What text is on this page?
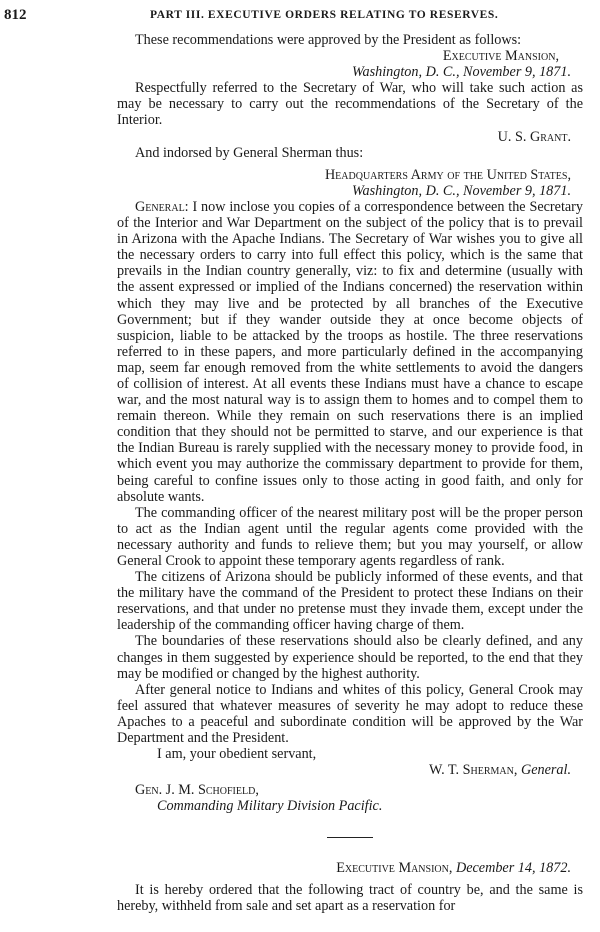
812	PART III. EXECUTIVE ORDERS RELATING TO RESERVES.

These recommendations were approved by the President as follows:

Executive Mansion,

Washington, D. C., November 9, 1871.

Respectfully referred to the Secretary of War, who will take such action as may be necessary to carry out the recommendations of the Secretary of the Interior.

U. S. Grant.

And indorsed by General Sherman thus:

Headquarters Army of the United States,

Washington, D. C., November 9, 1871.

General: I now inclose you copies of a correspondence between the Secretary of the Interior and War Department on the subject of the policy that is to prevail in Arizona with the Apache Indians. The Secretary of War wishes you to give all the necessary orders to carry into full effect this policy, which is the same that prevails in the Indian country generally, viz: to fix and determine (usually with the assent expressed or implied of the Indians concerned) the reservation within which they may live and be protected by all branches of the Executive Government; but if they wander outside they at once become objects of suspicion, liable to be attacked by the troops as hostile. The three reservations referred to in these papers, and more particularly defined in the accompanying map, seem far enough removed from the white settlements to avoid the dangers of collision of interest. At all events these Indians must have a chance to escape war, and the most natural way is to assign them to homes and to compel them to remain thereon. While they remain on such reservations there is an implied condition that they should not be permitted to starve, and our experience is that the Indian Bureau is rarely supplied with the necessary money to provide food, in which event you may authorize the commissary department to provide for them, being careful to confine issues only to those acting in good faith, and only for absolute wants.

The commanding officer of the nearest military post will be the proper person to act as the Indian agent until the regular agents come provided with the necessary authority and funds to relieve them; but you may yourself, or allow General Crook to appoint these temporary agents regardless of rank.

The citizens of Arizona should be publicly informed of these events, and that the military have the command of the President to protect these Indians on their reservations, and that under no pretense must they invade them, except under the leadership of the commanding officer having charge of them.

The boundaries of these reservations should also be clearly defined, and any changes in them suggested by experience should be reported, to the end that they may be modified or changed by the highest authority.

After general notice to Indians and whites of this policy, General Crook may feel assured that whatever measures of severity he may adopt to reduce these Apaches to a peaceful and subordinate condition will be approved by the War Department and the President.

I am, your obedient servant,

W. T. Sherman, General.

Gen. J. M. Schofield,

Commanding Military Division Pacific.

Executive Mansion, December 14, 1872.

It is hereby ordered that the following tract of country be, and the same is hereby, withheld from sale and set apart as a reservation for
